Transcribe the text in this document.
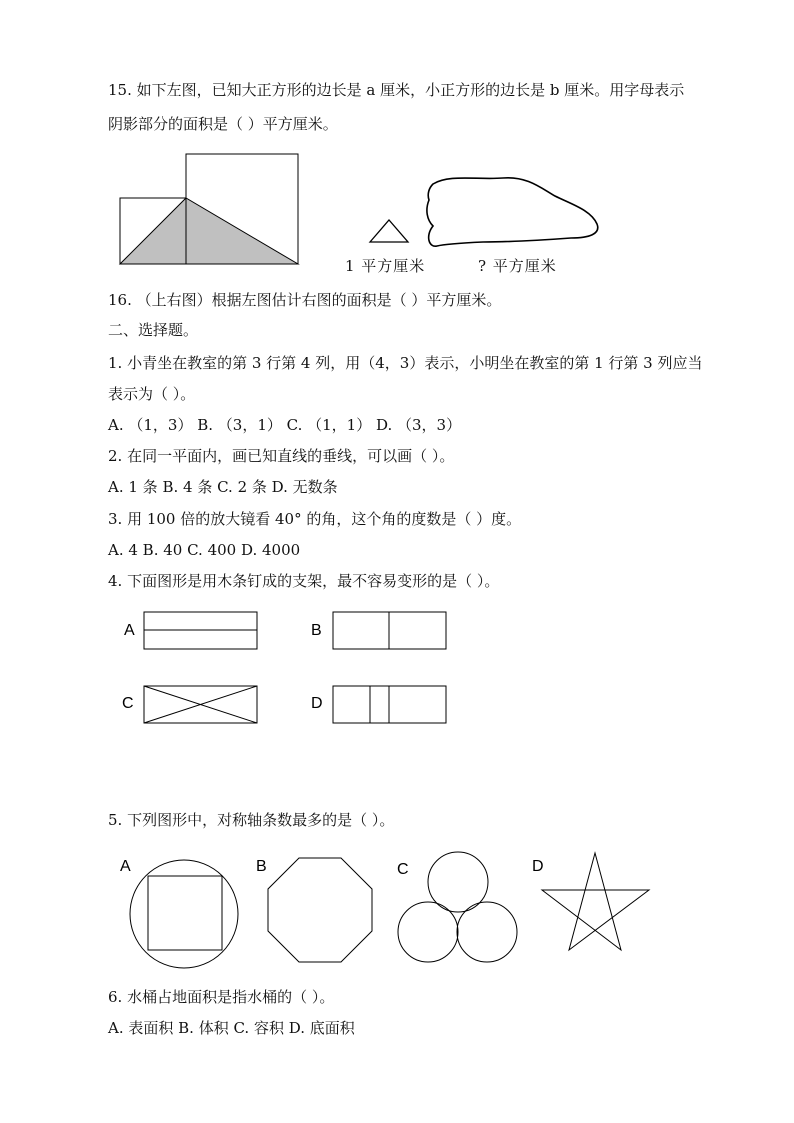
15. 如下左图，已知大正方形的边长是 a 厘米，小正方形的边长是 b 厘米。用字母表示
阴影部分的面积是（ ）平方厘米。
1 平方厘米	? 平方厘米
16. （上右图）根据左图估计右图的面积是（ ）平方厘米。
二、选择题。
1. 小青坐在教室的第 3 行第 4 列，用（4，3）表示，小明坐在教室的第 1 行第 3 列应当
表示为（ ）。
A. （1，3） B. （3，1） C. （1，1） D. （3，3）
2. 在同一平面内，画已知直线的垂线，可以画（ ）。
A. 1 条 B. 4 条 C. 2 条 D. 无数条
3. 用 100 倍的放大镜看 40° 的角，这个角的度数是（ ）度。
A. 4 B. 40 C. 400 D. 4000
4. 下面图形是用木条钉成的支架，最不容易变形的是（ ）。
A	B
C	D
5. 下列图形中，对称轴条数最多的是（ ）。
A	B	C	D
6. 水桶占地面积是指水桶的（ ）。
A. 表面积 B. 体积 C. 容积 D. 底面积
